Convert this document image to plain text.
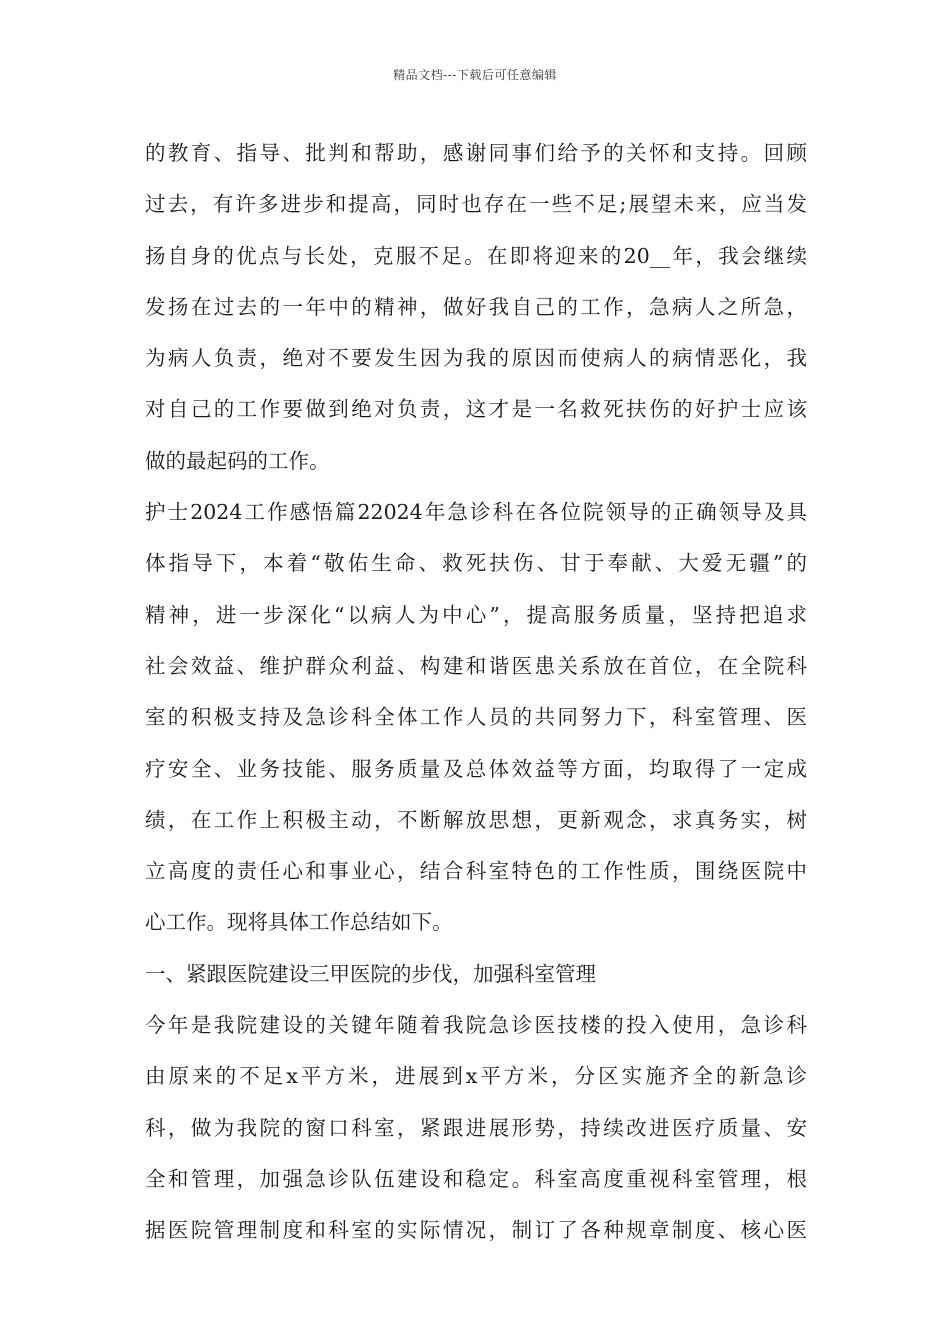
精品文档---下载后可任意编辑
的教育、指导、批判和帮助，感谢同事们给予的关怀和支持。回顾
过去，有许多进步和提高，同时也存在一些不足;展望未来，应当发
扬自身的优点与长处，克服不足。在即将迎来的20__年，我会继续
发扬在过去的一年中的精神，做好我自己的工作，急病人之所急，
为病人负责，绝对不要发生因为我的原因而使病人的病情恶化，我
对自己的工作要做到绝对负责，这才是一名救死扶伤的好护士应该
做的最起码的工作。
护士2024工作感悟篇22024年急诊科在各位院领导的正确领导及具
体指导下，本着“敬佑生命、救死扶伤、甘于奉献、大爱无疆”的
精神，进一步深化“以病人为中心”，提高服务质量，坚持把追求
社会效益、维护群众利益、构建和谐医患关系放在首位，在全院科
室的积极支持及急诊科全体工作人员的共同努力下，科室管理、医
疗安全、业务技能、服务质量及总体效益等方面，均取得了一定成
绩，在工作上积极主动，不断解放思想，更新观念，求真务实，树
立高度的责任心和事业心，结合科室特色的工作性质，围绕医院中
心工作。现将具体工作总结如下。
一、紧跟医院建设三甲医院的步伐，加强科室管理
今年是我院建设的关键年随着我院急诊医技楼的投入使用，急诊科
由原来的不足x平方米，进展到x平方米，分区实施齐全的新急诊
科，做为我院的窗口科室，紧跟进展形势，持续改进医疗质量、安
全和管理，加强急诊队伍建设和稳定。科室高度重视科室管理，根
据医院管理制度和科室的实际情况，制订了各种规章制度、核心医
